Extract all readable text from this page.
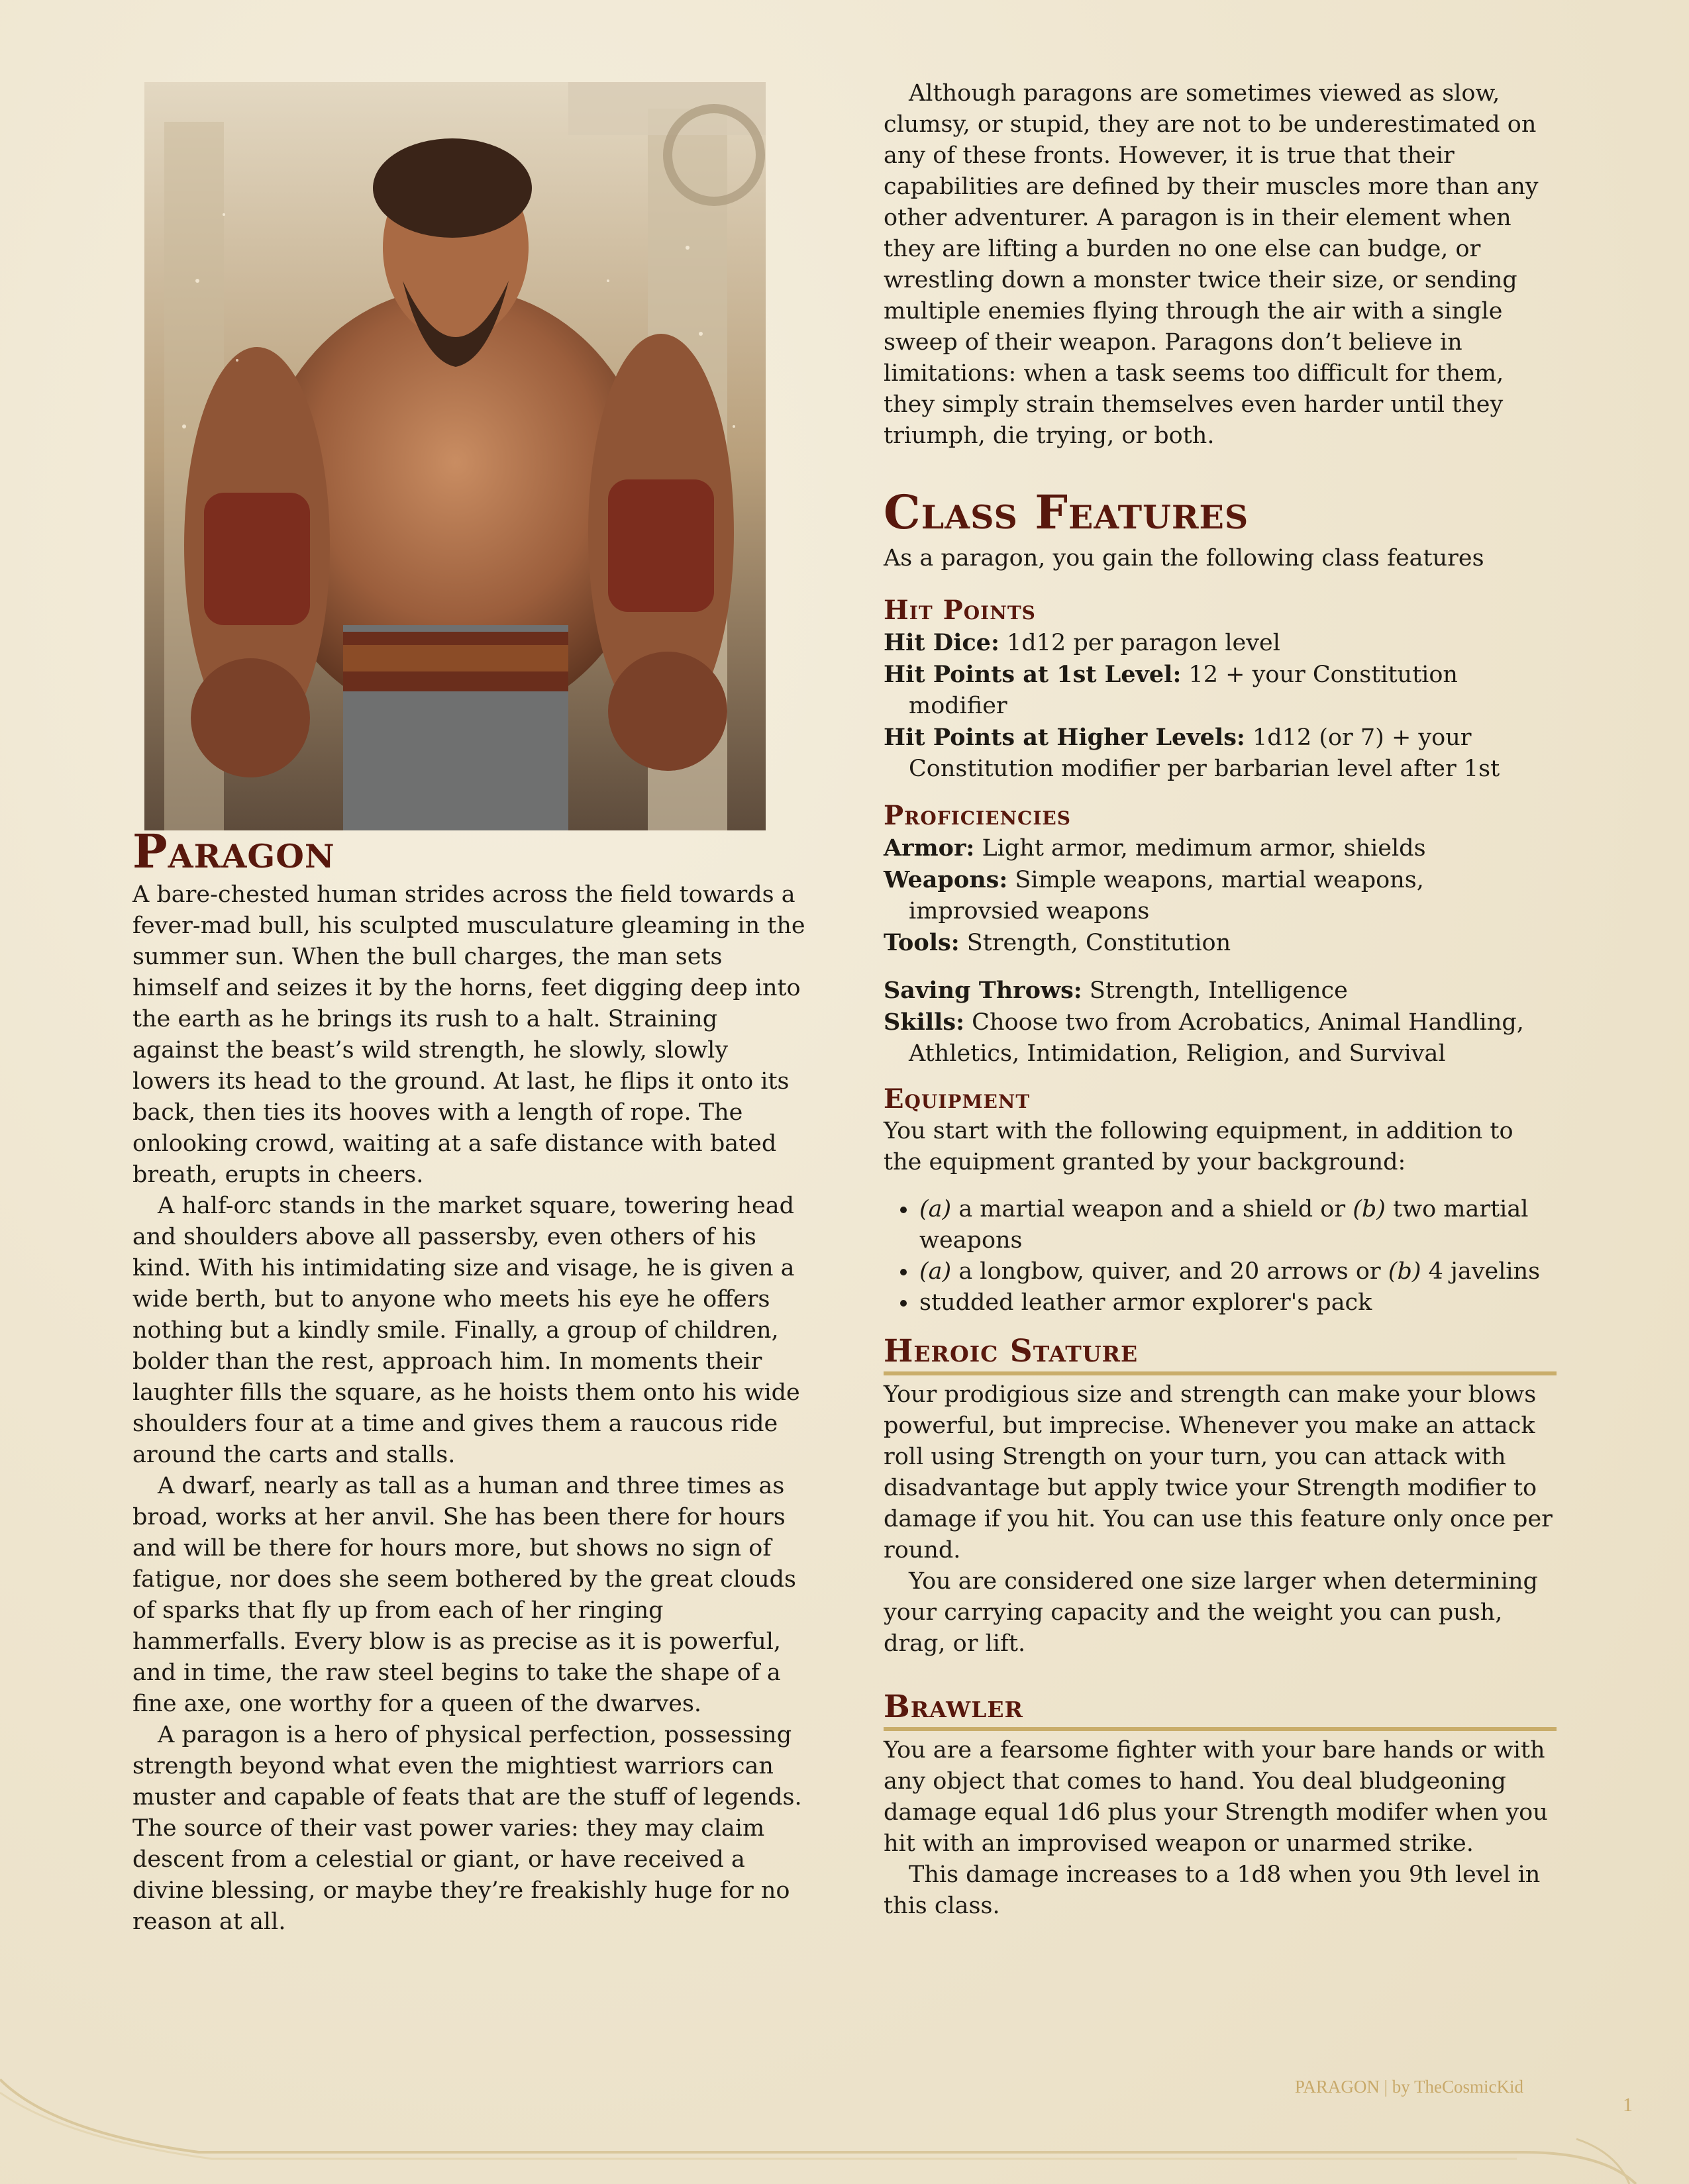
Paragon

A bare-chested human strides across the field towards a fever-mad bull, his sculpted musculature gleaming in the summer sun. When the bull charges, the man sets himself and seizes it by the horns, feet digging deep into the earth as he brings its rush to a halt. Straining against the beast’s wild strength, he slowly, slowly lowers its head to the ground. At last, he flips it onto its back, then ties its hooves with a length of rope. The onlooking crowd, waiting at a safe distance with bated breath, erupts in cheers.

A half-orc stands in the market square, towering head and shoulders above all passersby, even others of his kind. With his intimidating size and visage, he is given a wide berth, but to anyone who meets his eye he offers nothing but a kindly smile. Finally, a group of children, bolder than the rest, approach him. In moments their laughter fills the square, as he hoists them onto his wide shoulders four at a time and gives them a raucous ride around the carts and stalls.

A dwarf, nearly as tall as a human and three times as broad, works at her anvil. She has been there for hours and will be there for hours more, but shows no sign of fatigue, nor does she seem bothered by the great clouds of sparks that fly up from each of her ringing hammerfalls. Every blow is as precise as it is powerful, and in time, the raw steel begins to take the shape of a fine axe, one worthy for a queen of the dwarves.

A paragon is a hero of physical perfection, possessing strength beyond what even the mightiest warriors can muster and capable of feats that are the stuff of legends. The source of their vast power varies: they may claim descent from a celestial or giant, or have received a divine blessing, or maybe they’re freakishly huge for no reason at all.

Although paragons are sometimes viewed as slow, clumsy, or stupid, they are not to be underestimated on any of these fronts. However, it is true that their capabilities are defined by their muscles more than any other adventurer. A paragon is in their element when they are lifting a burden no one else can budge, or wrestling down a monster twice their size, or sending multiple enemies flying through the air with a single sweep of their weapon. Paragons don’t believe in limitations: when a task seems too difficult for them, they simply strain themselves even harder until they triumph, die trying, or both.

Class Features

As a paragon, you gain the following class features

Hit Points

Hit Dice: 1d12 per paragon level

Hit Points at 1st Level: 12 + your Constitution modifier

Hit Points at Higher Levels: 1d12 (or 7) + your Constitution modifier per barbarian level after 1st

Proficiencies

Armor: Light armor, medimum armor, shields

Weapons: Simple weapons, martial weapons, improvsied weapons

Tools: Strength, Constitution

Saving Throws: Strength, Intelligence

Skills: Choose two from Acrobatics, Animal Handling, Athletics, Intimidation, Religion, and Survival

Equipment

You start with the following equipment, in addition to the equipment granted by your background:

• (a) a martial weapon and a shield or (b) two martial weapons
• (a) a longbow, quiver, and 20 arrows or (b) 4 javelins
• studded leather armor explorer's pack
Heroic Stature

Your prodigious size and strength can make your blows powerful, but imprecise. Whenever you make an attack roll using Strength on your turn, you can attack with disadvantage but apply twice your Strength modifier to damage if you hit. You can use this feature only once per round.

You are considered one size larger when determining your carrying capacity and the weight you can push, drag, or lift.

Brawler

You are a fearsome fighter with your bare hands or with any object that comes to hand. You deal bludgeoning damage equal 1d6 plus your Strength modifer when you hit with an improvised weapon or unarmed strike.

This damage increases to a 1d8 when you 9th level in this class.

PARAGON | by TheCosmicKid
1
